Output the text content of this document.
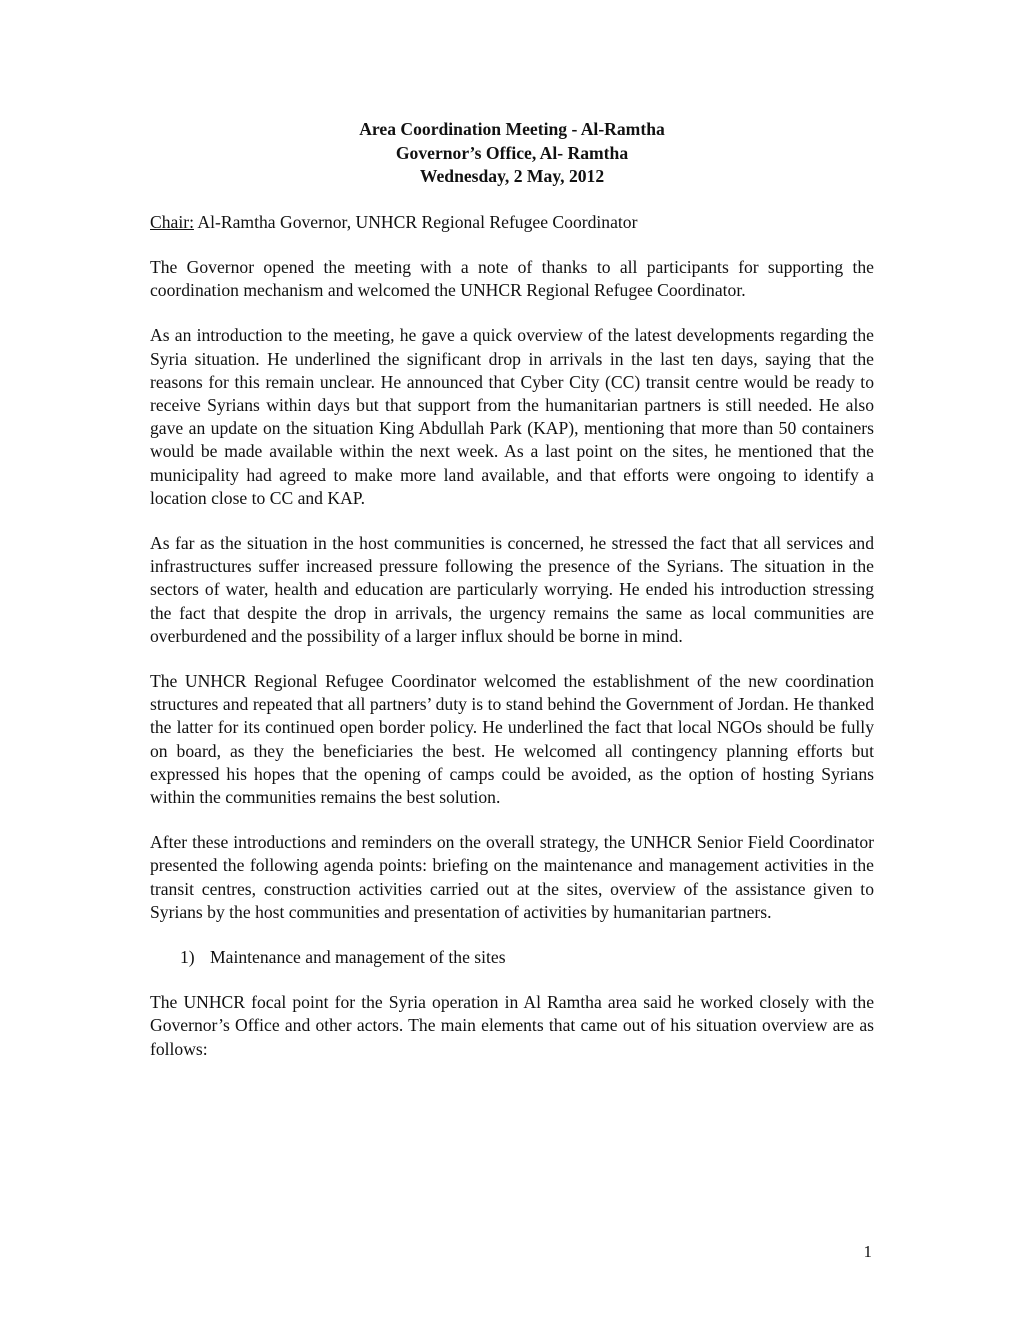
Area Coordination Meeting - Al-Ramtha
Governor’s Office, Al- Ramtha
Wednesday, 2 May, 2012

Chair: Al-Ramtha Governor, UNHCR Regional Refugee Coordinator

The Governor opened the meeting with a note of thanks to all participants for supporting the coordination mechanism and welcomed the UNHCR Regional Refugee Coordinator.

As an introduction to the meeting, he gave a quick overview of the latest developments regarding the Syria situation. He underlined the significant drop in arrivals in the last ten days, saying that the reasons for this remain unclear. He announced that Cyber City (CC) transit centre would be ready to receive Syrians within days but that support from the humanitarian partners is still needed. He also gave an update on the situation King Abdullah Park (KAP), mentioning that more than 50 containers would be made available within the next week. As a last point on the sites, he mentioned that the municipality had agreed to make more land available, and that efforts were ongoing to identify a location close to CC and KAP.

As far as the situation in the host communities is concerned, he stressed the fact that all services and infrastructures suffer increased pressure following the presence of the Syrians. The situation in the sectors of water, health and education are particularly worrying. He ended his introduction stressing the fact that despite the drop in arrivals, the urgency remains the same as local communities are overburdened and the possibility of a larger influx should be borne in mind.

The UNHCR Regional Refugee Coordinator welcomed the establishment of the new coordination structures and repeated that all partners’ duty is to stand behind the Government of Jordan. He thanked the latter for its continued open border policy. He underlined the fact that local NGOs should be fully on board, as they the beneficiaries the best. He welcomed all contingency planning efforts but expressed his hopes that the opening of camps could be avoided, as the option of hosting Syrians within the communities remains the best solution.

After these introductions and reminders on the overall strategy, the UNHCR Senior Field Coordinator presented the following agenda points: briefing on the maintenance and management activities in the transit centres, construction activities carried out at the sites, overview of the assistance given to Syrians by the host communities and presentation of activities by humanitarian partners.

1) Maintenance and management of the sites

The UNHCR focal point for the Syria operation in Al Ramtha area said he worked closely with the Governor’s Office and other actors. The main elements that came out of his situation overview are as follows:

1
